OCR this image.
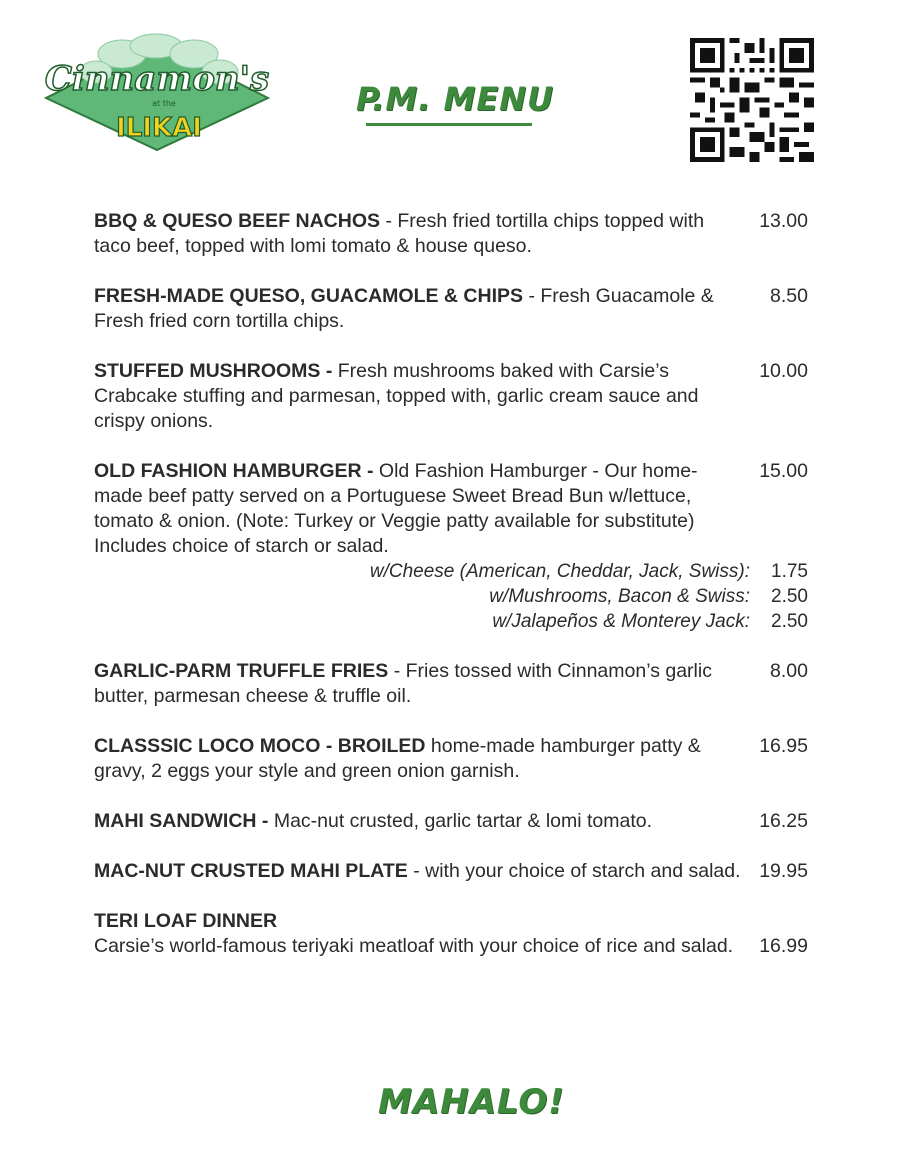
Cinnamon's
at the
ILIKAI
P.M. MENU
BBQ & QUESO BEEF NACHOS - Fresh fried tortilla chips topped with taco beef, topped with lomi tomato & house queso.
13.00
FRESH-MADE QUESO, GUACAMOLE & CHIPS - Fresh Guacamole & Fresh fried corn tortilla chips.
8.50
STUFFED MUSHROOMS - Fresh mushrooms baked with Carsie’s Crabcake stuffing and parmesan, topped with, garlic cream sauce and crispy onions.
10.00
OLD FASHION HAMBURGER - Old Fashion Hamburger - Our home-made beef patty served on a Portuguese Sweet Bread Bun w/lettuce, tomato & onion. (Note: Turkey or Veggie patty available for substitute) Includes choice of starch or salad.
15.00
w/Cheese (American, Cheddar, Jack, Swiss): 1.75
w/Mushrooms, Bacon & Swiss: 2.50
w/Jalapeños & Monterey Jack: 2.50
GARLIC-PARM TRUFFLE FRIES - Fries tossed with Cinnamon’s garlic butter, parmesan cheese & truffle oil.
8.00
CLASSSIC LOCO MOCO - BROILED home-made hamburger patty & gravy, 2 eggs your style and green onion garnish.
16.95
MAHI SANDWICH - Mac-nut crusted, garlic tartar & lomi tomato.	16.25
MAC-NUT CRUSTED MAHI PLATE - with your choice of starch and salad. 19.95
TERI LOAF DINNER
Carsie’s world-famous teriyaki meatloaf with your choice of rice and salad.	16.99
MAHALO!
